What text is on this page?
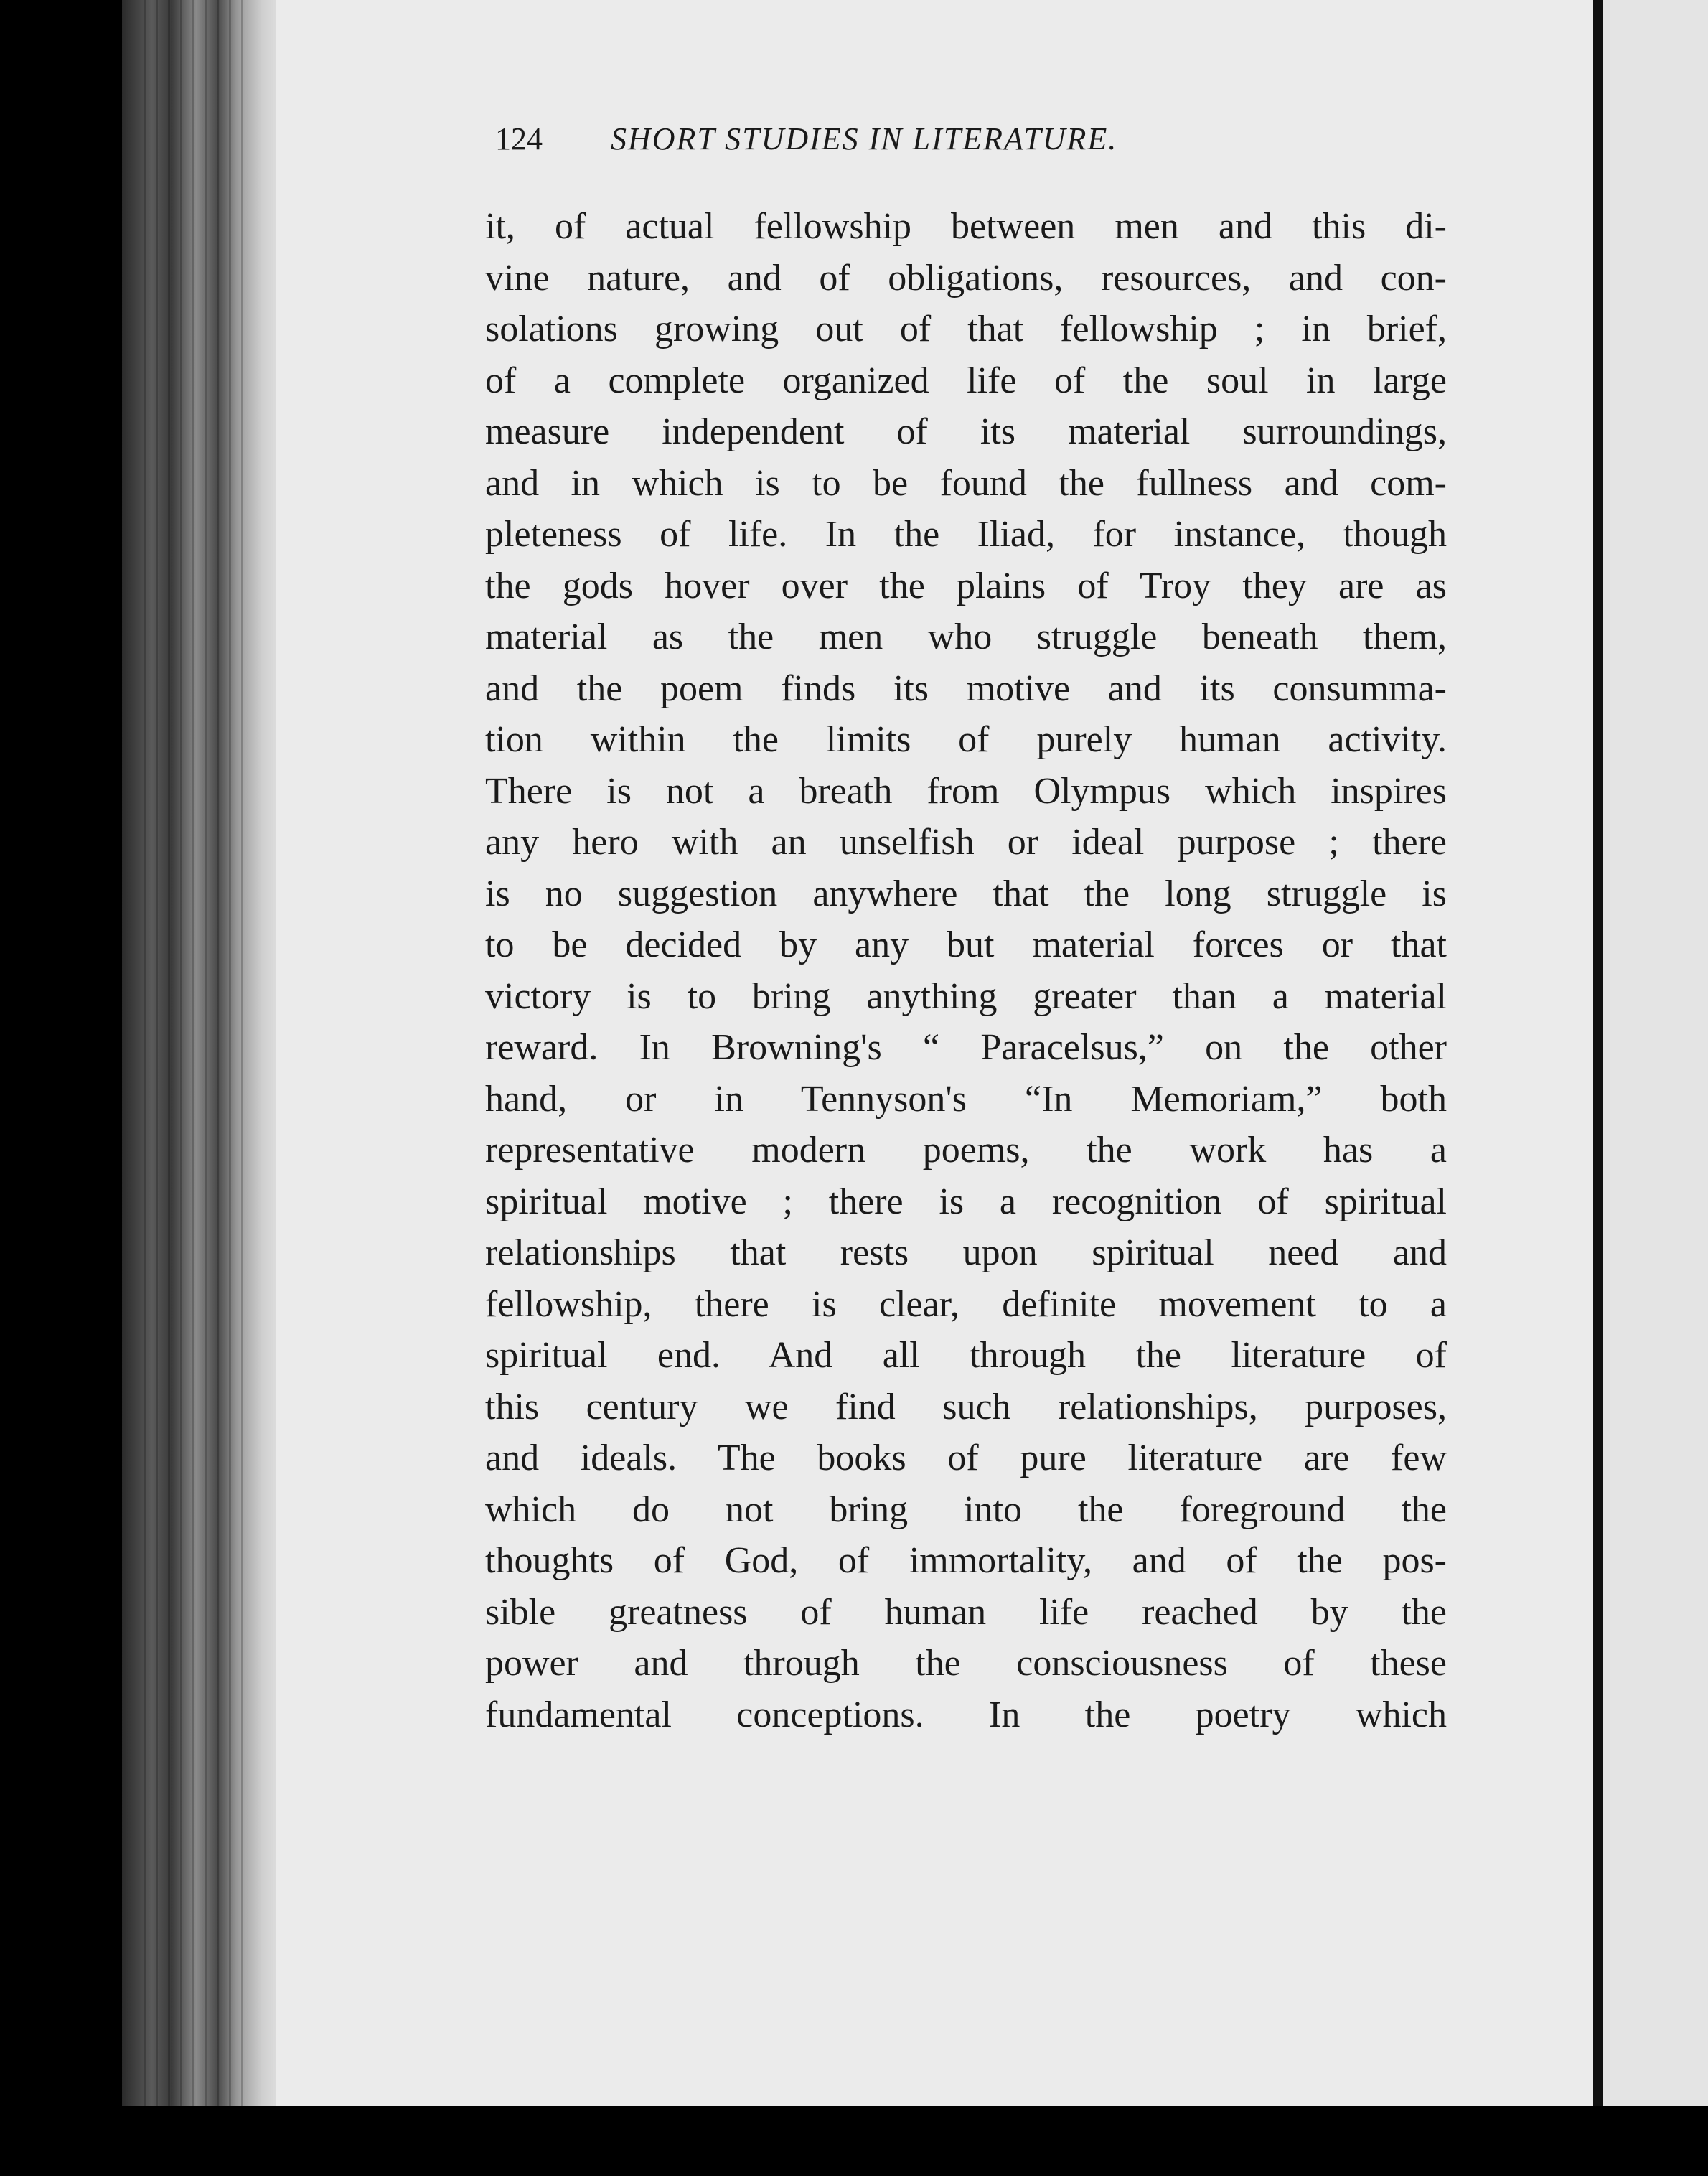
124 SHORT STUDIES IN LITERATURE.
it, of actual fellowship between men and this di-
vine nature, and of obligations, resources, and con-
solations growing out of that fellowship ; in brief,
of a complete organized life of the soul in large
measure independent of its material surroundings,
and in which is to be found the fullness and com-
pleteness of life. In the Iliad, for instance, though
the gods hover over the plains of Troy they are as
material as the men who struggle beneath them,
and the poem finds its motive and its consumma-
tion within the limits of purely human activity.
There is not a breath from Olympus which inspires
any hero with an unselfish or ideal purpose ; there
is no suggestion anywhere that the long struggle is
to be decided by any but material forces or that
victory is to bring anything greater than a material
reward. In Browning's “ Paracelsus,” on the other
hand, or in Tennyson's “In Memoriam,” both
representative modern poems, the work has a
spiritual motive ; there is a recognition of spiritual
relationships that rests upon spiritual need and
fellowship, there is clear, definite movement to a
spiritual end. And all through the literature of
this century we find such relationships, purposes,
and ideals. The books of pure literature are few
which do not bring into the foreground the
thoughts of God, of immortality, and of the pos-
sible greatness of human life reached by the
power and through the consciousness of these
fundamental conceptions. In the poetry which
